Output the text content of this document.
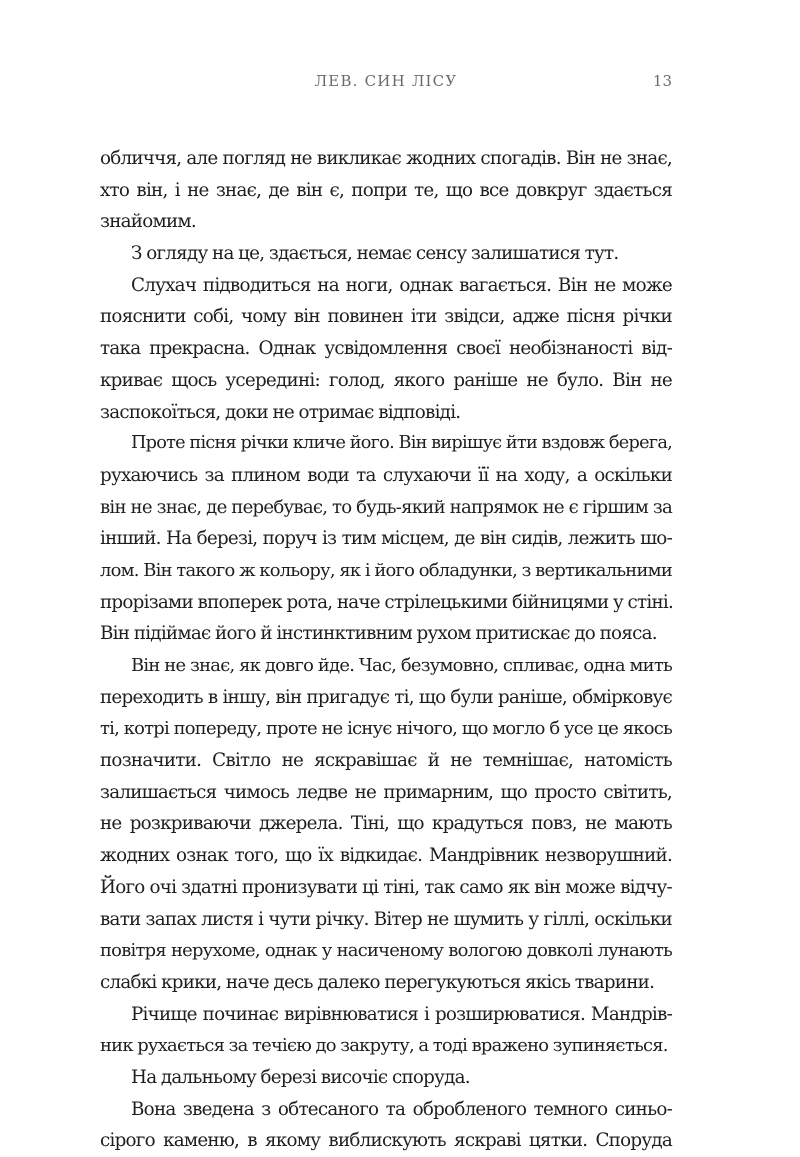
ЛЕВ. СИН ЛІСУ	13
обличчя, але погляд не викликає жодних спогадів. Він не знає,
хто він, і не знає, де він є, попри те, що все довкруг здається
знайомим.
З огляду на це, здається, немає сенсу залишатися тут.
Слухач підводиться на ноги, однак вагається. Він не може
пояснити собі, чому він повинен іти звідси, адже пісня річки
така прекрасна. Однак усвідомлення своєї необізнаності від-
криває щось усередині: голод, якого раніше не було. Він не
заспокоїться, доки не отримає відповіді.
Проте пісня річки кличе його. Він вирішує йти вздовж берега,
рухаючись за плином води та слухаючи її на ходу, а оскільки
він не знає, де перебуває, то будь-який напрямок не є гіршим за
інший. На березі, поруч із тим місцем, де він сидів, лежить шо-
лом. Він такого ж кольору, як і його обладунки, з вертикальними
прорізами впоперек рота, наче стрілецькими бійницями у стіні.
Він підіймає його й інстинктивним рухом притискає до пояса.
Він не знає, як довго йде. Час, безумовно, спливає, одна мить
переходить в іншу, він пригадує ті, що були раніше, обмірковує
ті, котрі попереду, проте не існує нічого, що могло б усе це якось
позначити. Світло не яскравішає й не темнішає, натомість
залишається чимось ледве не примарним, що просто світить,
не розкриваючи джерела. Тіні, що крадуться повз, не мають
жодних ознак того, що їх відкидає. Мандрівник незворушний.
Його очі здатні пронизувати ці тіні, так само як він може відчу-
вати запах листя і чути річку. Вітер не шумить у гіллі, оскільки
повітря нерухоме, однак у насиченому вологою довколі лунають
слабкі крики, наче десь далеко перегукуються якісь тварини.
Річище починає вирівнюватися і розширюватися. Мандрів-
ник рухається за течією до закруту, а тоді вражено зупиняється.
На дальньому березі височіє споруда.
Вона зведена з обтесаного та обробленого темного синьо-
сірого каменю, в якому виблискують яскраві цятки. Споруда
